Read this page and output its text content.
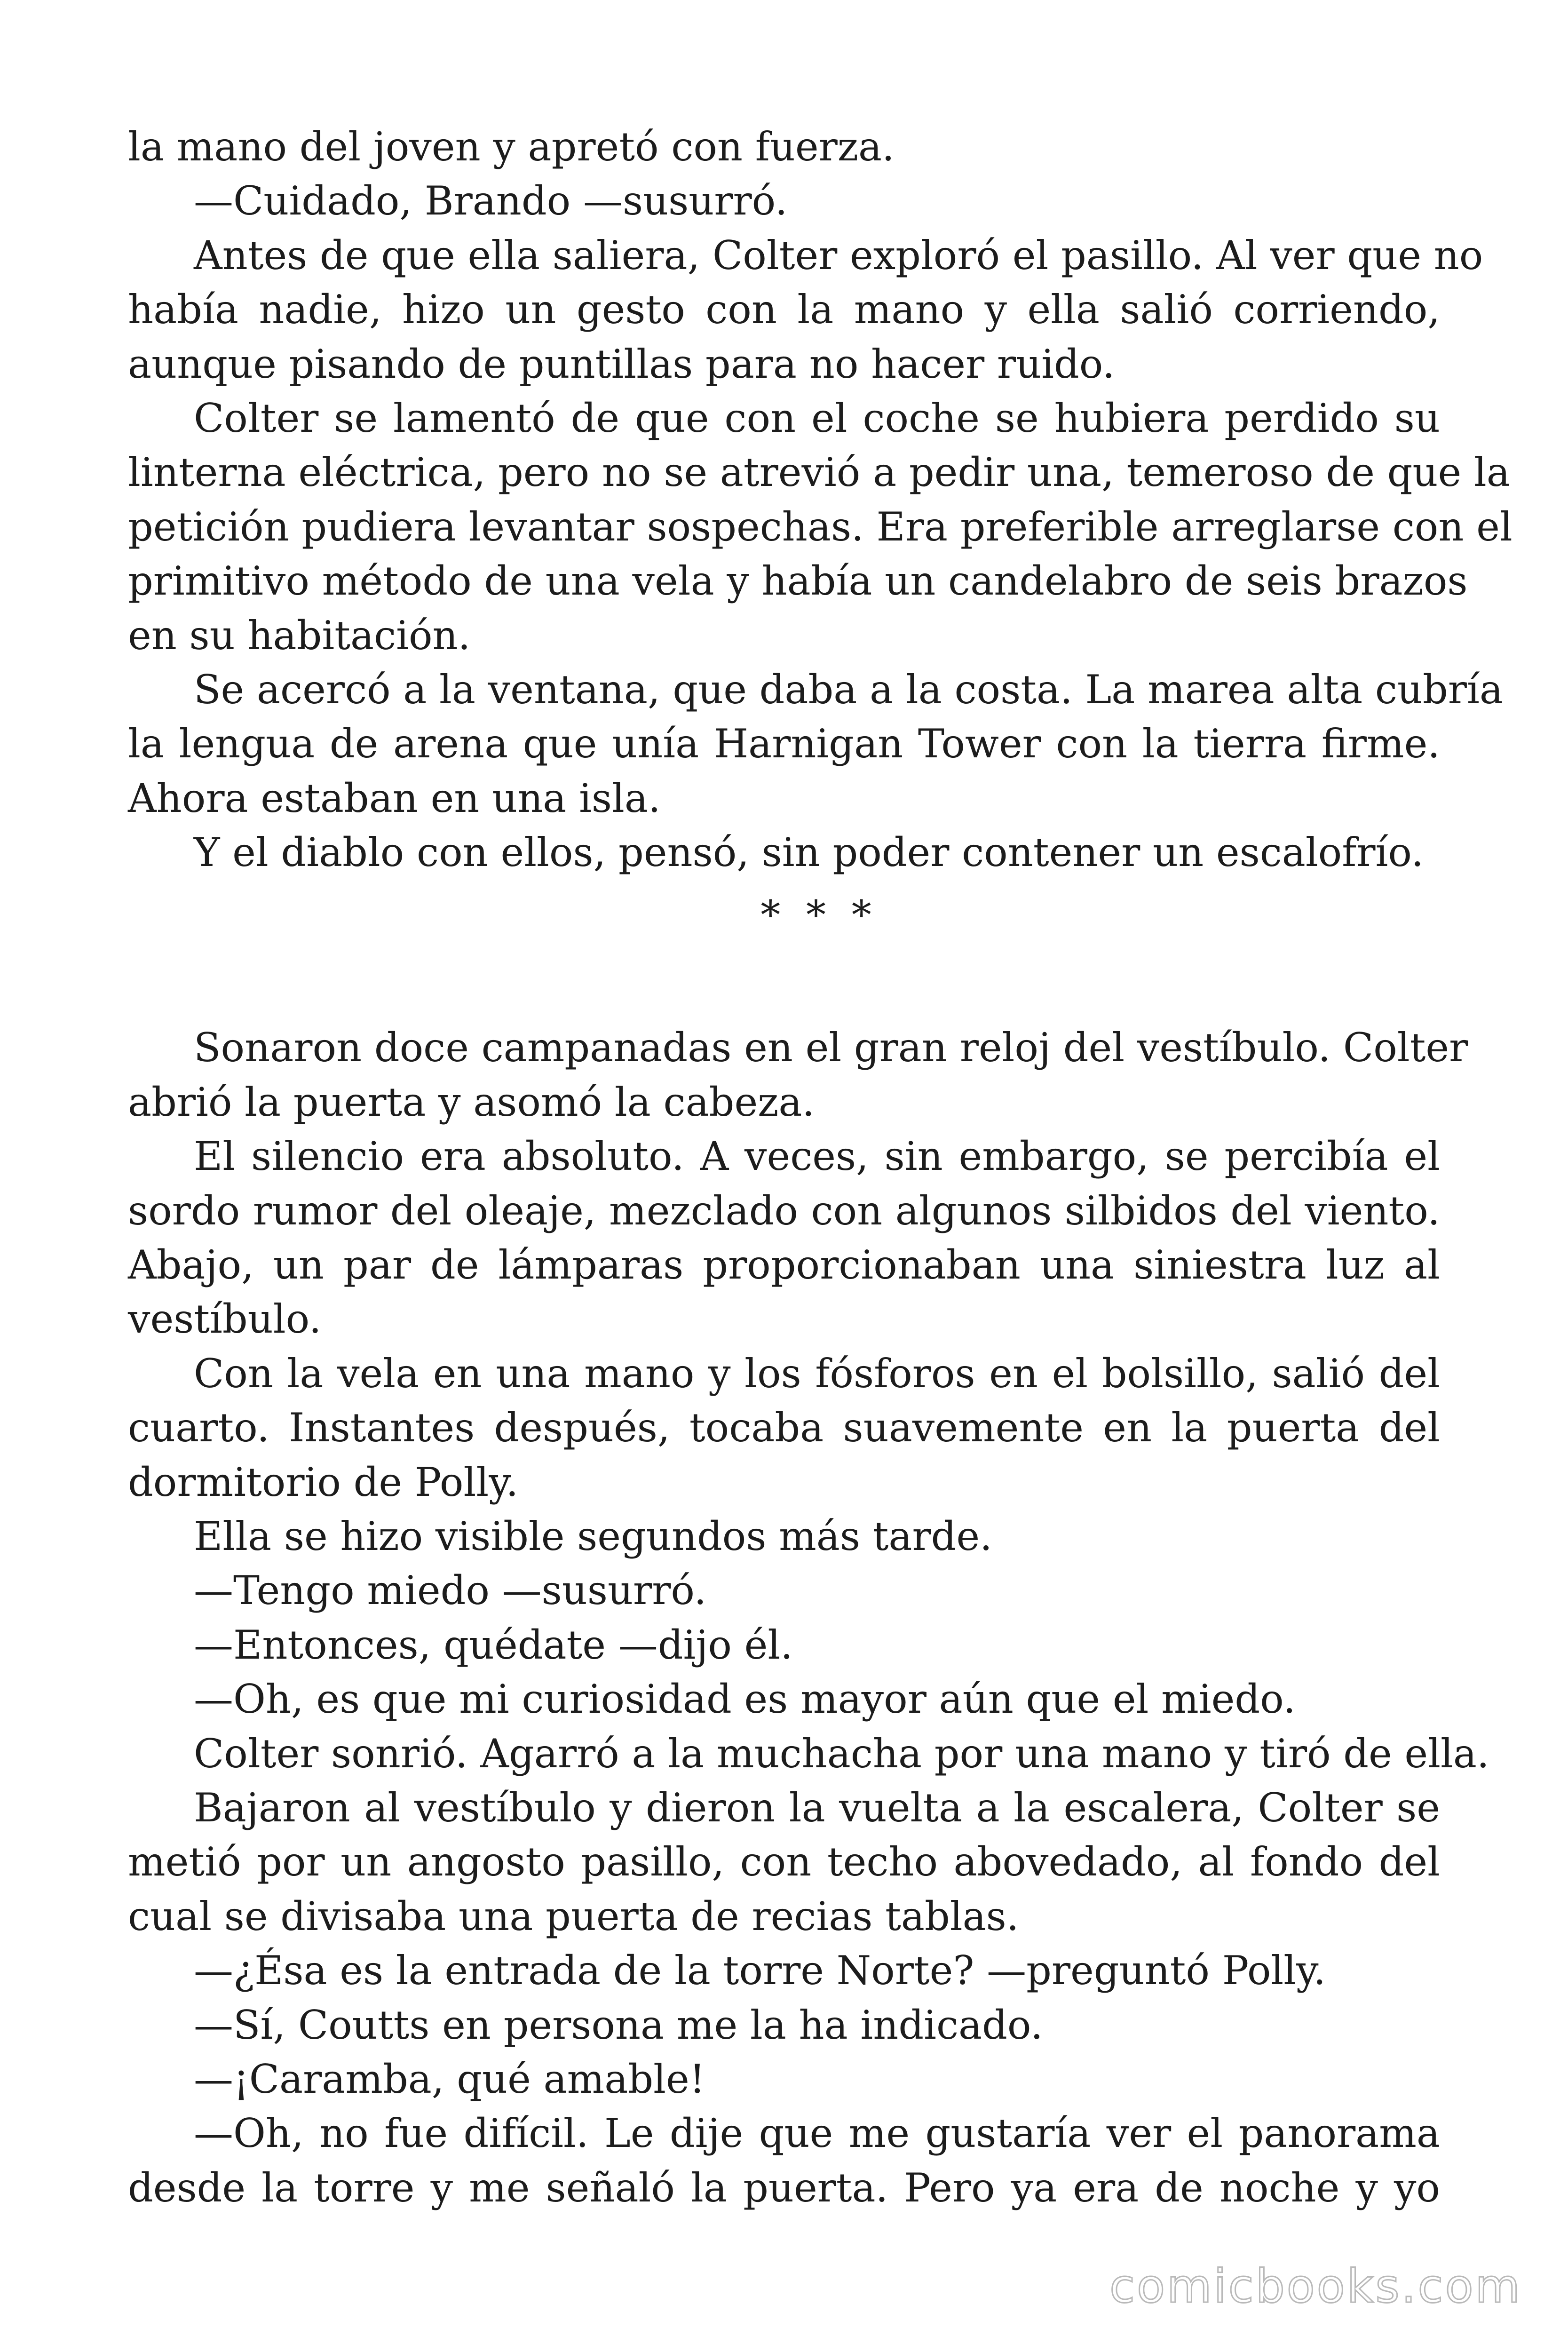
la mano del joven y apretó con fuerza.
—Cuidado, Brando —susurró.
Antes de que ella saliera, Colter exploró el pasillo. Al ver que no
había nadie, hizo un gesto con la mano y ella salió corriendo,
aunque pisando de puntillas para no hacer ruido.
Colter se lamentó de que con el coche se hubiera perdido su
linterna eléctrica, pero no se atrevió a pedir una, temeroso de que la
petición pudiera levantar sospechas. Era preferible arreglarse con el
primitivo método de una vela y había un candelabro de seis brazos
en su habitación.
Se acercó a la ventana, que daba a la costa. La marea alta cubría
la lengua de arena que unía Harnigan Tower con la tierra firme.
Ahora estaban en una isla.
Y el diablo con ellos, pensó, sin poder contener un escalofrío.
* * *
Sonaron doce campanadas en el gran reloj del vestíbulo. Colter
abrió la puerta y asomó la cabeza.
El silencio era absoluto. A veces, sin embargo, se percibía el
sordo rumor del oleaje, mezclado con algunos silbidos del viento.
Abajo, un par de lámparas proporcionaban una siniestra luz al
vestíbulo.
Con la vela en una mano y los fósforos en el bolsillo, salió del
cuarto. Instantes después, tocaba suavemente en la puerta del
dormitorio de Polly.
Ella se hizo visible segundos más tarde.
—Tengo miedo —susurró.
—Entonces, quédate —dijo él.
—Oh, es que mi curiosidad es mayor aún que el miedo.
Colter sonrió. Agarró a la muchacha por una mano y tiró de ella.
Bajaron al vestíbulo y dieron la vuelta a la escalera, Colter se
metió por un angosto pasillo, con techo abovedado, al fondo del
cual se divisaba una puerta de recias tablas.
—¿Ésa es la entrada de la torre Norte? —preguntó Polly.
—Sí, Coutts en persona me la ha indicado.
—¡Caramba, qué amable!
—Oh, no fue difícil. Le dije que me gustaría ver el panorama
desde la torre y me señaló la puerta. Pero ya era de noche y yo
comicbooks.com
